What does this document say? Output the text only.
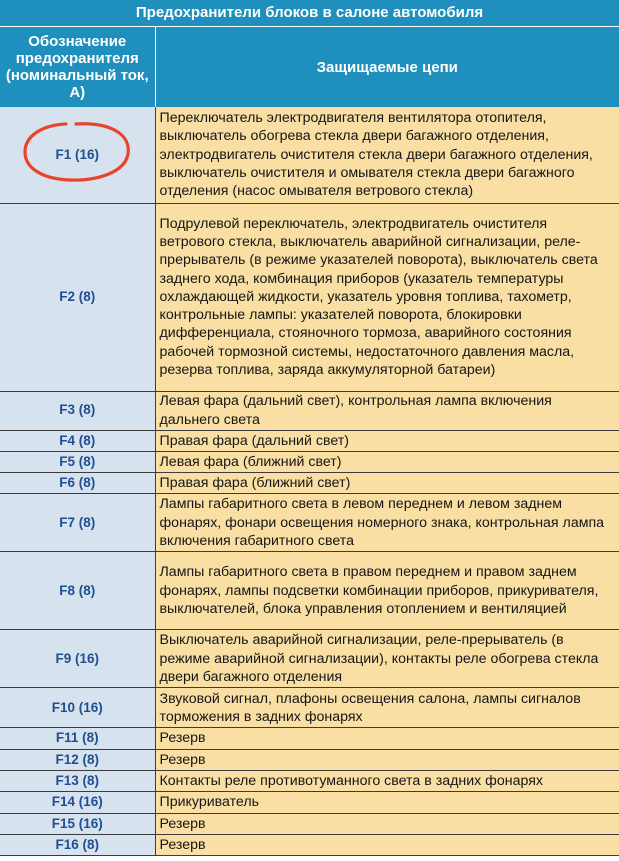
Предохранители блоков в салоне автомобиля
Обозначение предохранителя (номинальный ток, А)	Защищаемые цепи
F1 (16)	Переключатель электродвигателя вентилятора отопителя, выключатель обогрева стекла двери багажного отделения, электродвигатель очистителя стекла двери багажного отделения, выключатель очистителя и омывателя стекла двери багажного отделения (насос омывателя ветрового стекла)
F2 (8)	Подрулевой переключатель, электродвигатель очистителя ветрового стекла, выключатель аварийной сигнализации, реле-прерыватель (в режиме указателей поворота), выключатель света заднего хода, комбинация приборов (указатель температуры охлаждающей жидкости, указатель уровня топлива, тахометр, контрольные лампы: указателей поворота, блокировки дифференциала, стояночного тормоза, аварийного состояния рабочей тормозной системы, недостаточного давления масла, резерва топлива, заряда аккумуляторной батареи)
F3 (8)	Левая фара (дальний свет), контрольная лампа включения дальнего света
F4 (8)	Правая фара (дальний свет)
F5 (8)	Левая фара (ближний свет)
F6 (8)	Правая фара (ближний свет)
F7 (8)	Лампы габаритного света в левом переднем и левом заднем фонарях, фонари освещения номерного знака, контрольная лампа включения габаритного света
F8 (8)	Лампы габаритного света в правом переднем и правом заднем фонарях, лампы подсветки комбинации приборов, прикуривателя, выключателей, блока управления отоплением и вентиляцией
F9 (16)	Выключатель аварийной сигнализации, реле-прерыватель (в режиме аварийной сигнализации), контакты реле обогрева стекла двери багажного отделения
F10 (16)	Звуковой сигнал, плафоны освещения салона, лампы сигналов торможения в задних фонарях
F11 (8)	Резерв
F12 (8)	Резерв
F13 (8)	Контакты реле противотуманного света в задних фонарях
F14 (16)	Прикуриватель
F15 (16)	Резерв
F16 (8)	Резерв
